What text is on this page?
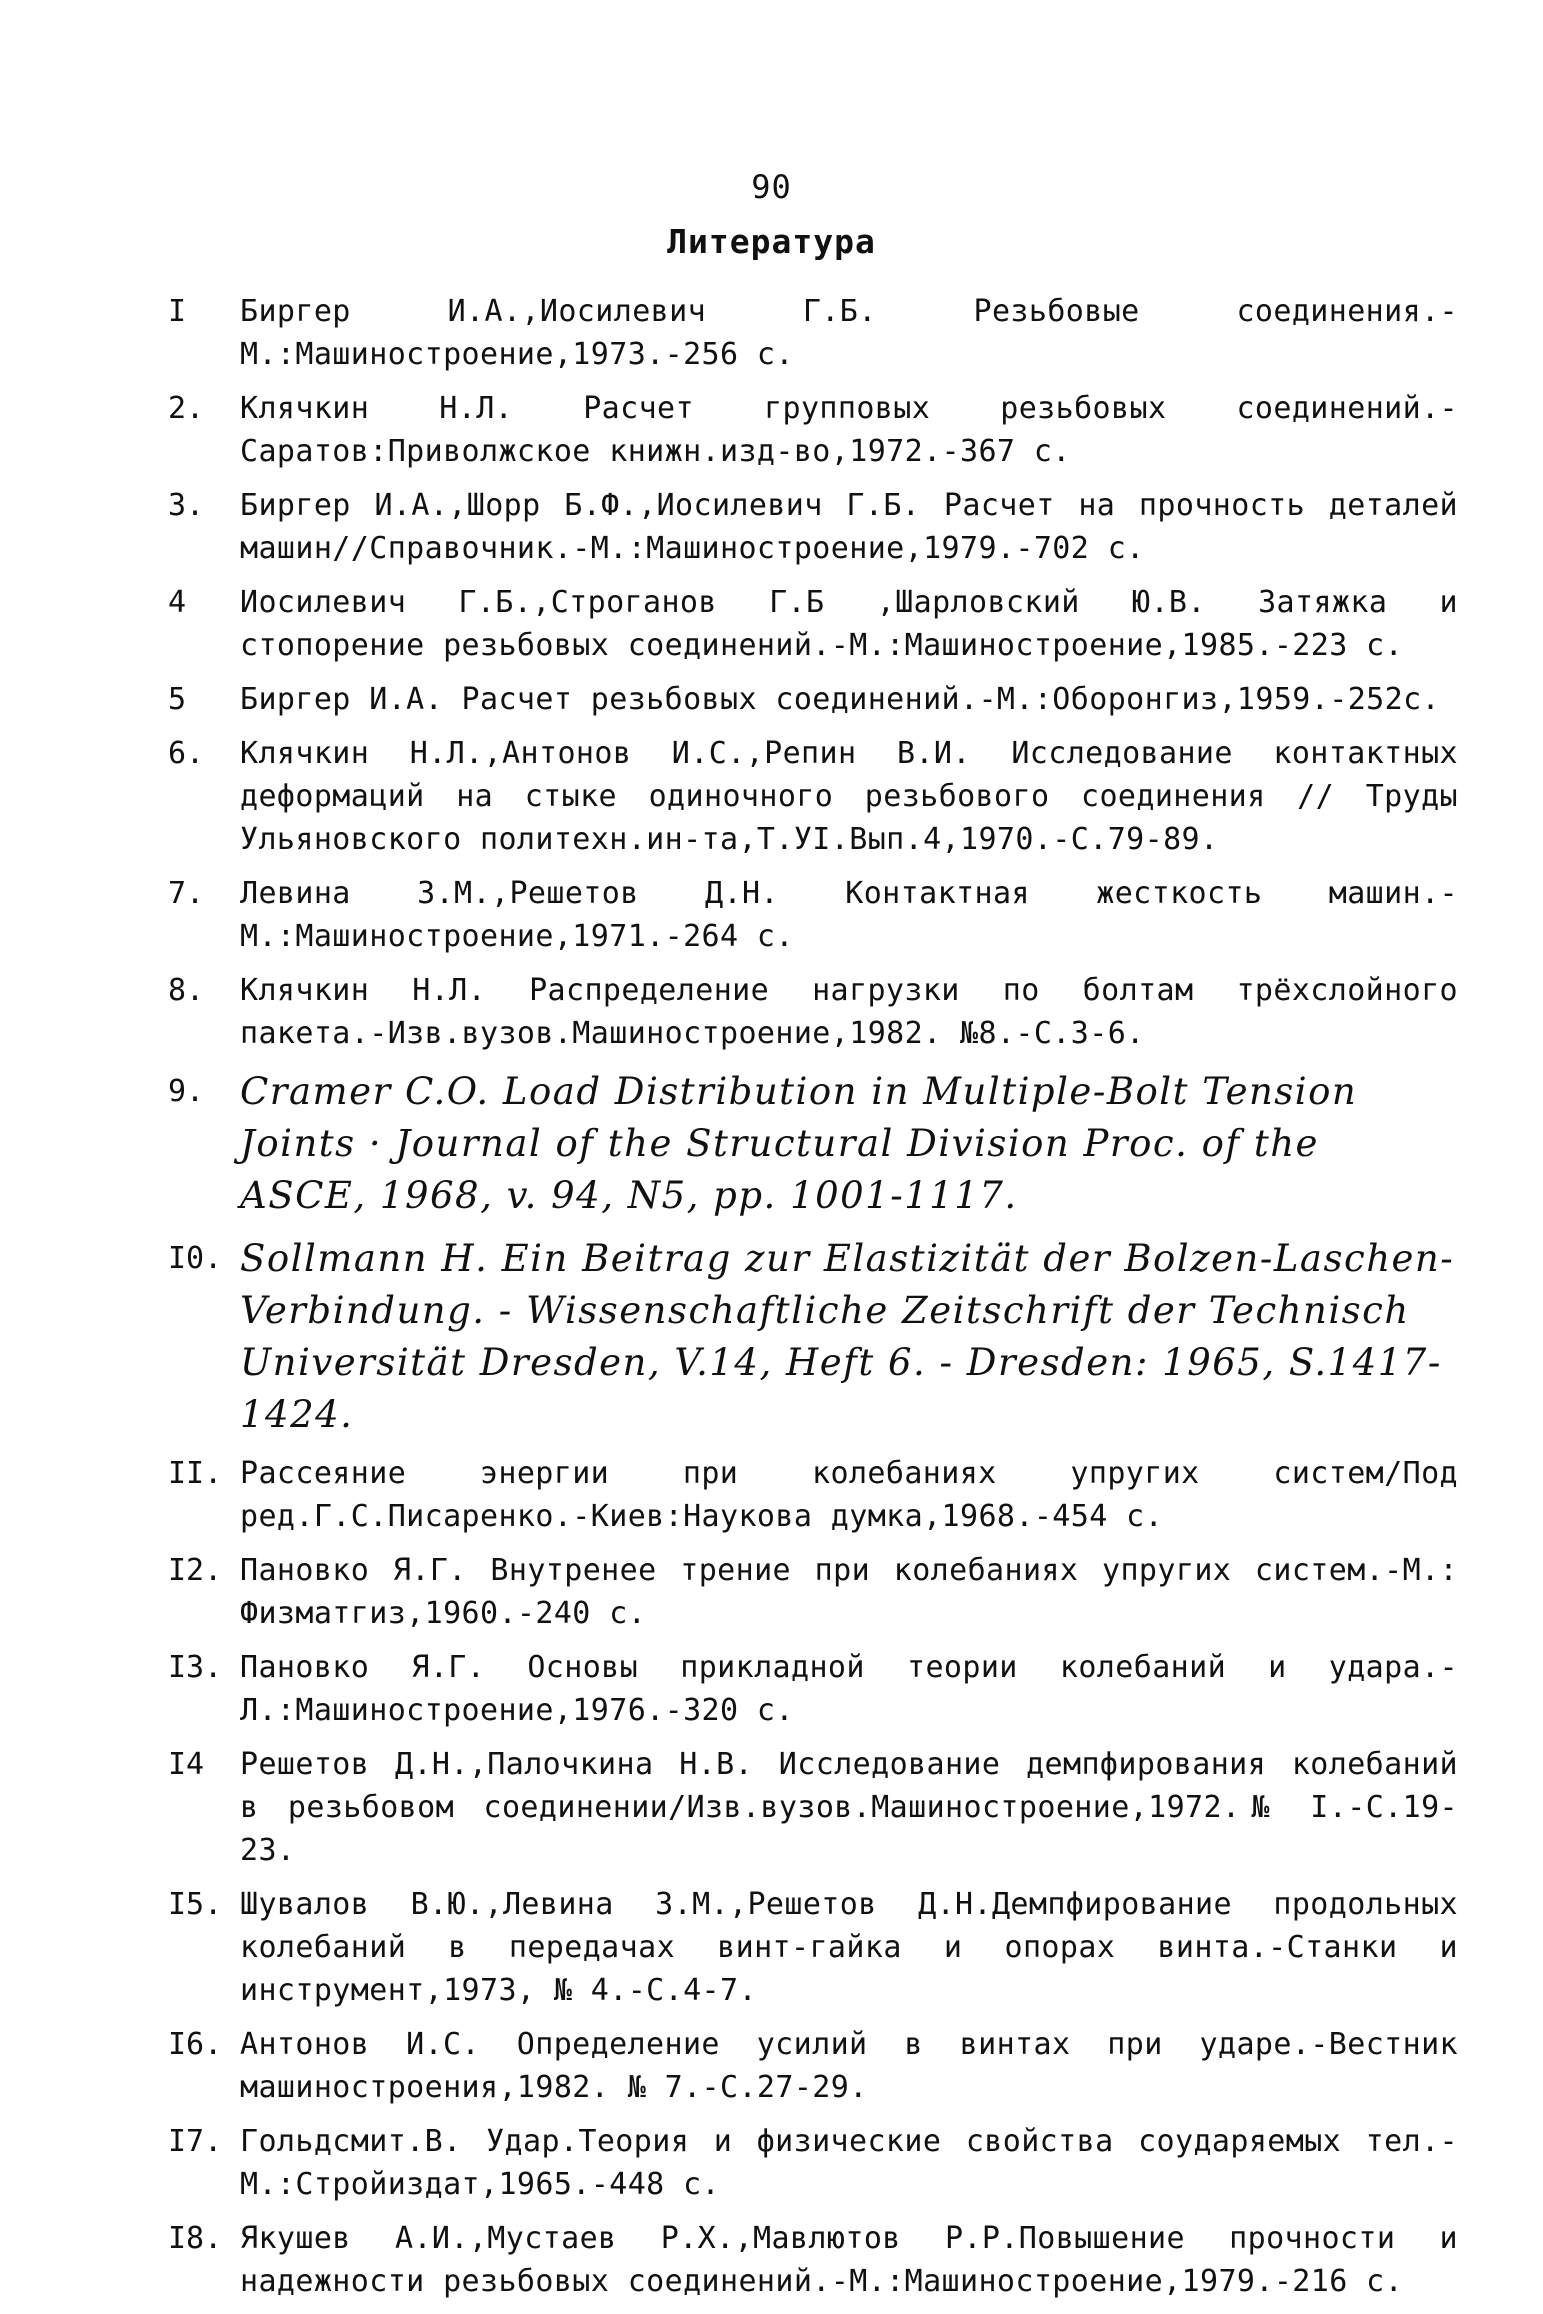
90
Литература
I	Биргер И.А.,Иосилевич Г.Б. Резьбовые соединения.-М.:Машиностроение,1973.-256 с.
2.	Клячкин Н.Л. Расчет групповых резьбовых соединений.-Саратов:Приволжское книжн.изд-во,1972.-367 с.
3.	Биргер И.А.,Шорр Б.Ф.,Иосилевич Г.Б. Расчет на прочность деталей машин//Справочник.-М.:Машиностроение,1979.-702 с.
4	Иосилевич Г.Б.,Строганов Г.Б ,Шарловский Ю.В. Затяжка и стопорение резьбовых соединений.-М.:Машиностроение,1985.-223 с.
5	Биргер И.А. Расчет резьбовых соединений.-М.:Оборонгиз,1959.-252с.
6.	Клячкин Н.Л.,Антонов И.С.,Репин В.И. Исследование контактных деформаций на стыке одиночного резьбового соединения // Труды Ульяновского политехн.ин-та,Т.УI.Вып.4,1970.-С.79-89.
7.	Левина З.М.,Решетов Д.Н. Контактная жесткость машин.-М.:Машиностроение,1971.-264 с.
8.	Клячкин Н.Л. Распределение нагрузки по болтам трёхслойного пакета.-Изв.вузов.Машиностроение,1982. №8.-С.3-6.
9. Cramer C.O. Load Distribution in Multiple-Bolt Tension Joints · Journal of the Structural Division Proc. of the ASCE, 1968, v. 94, N5, pp. 1001-1117.
I0. Sollmann H. Ein Beitrag zur Elastizität der Bolzen-Laschen-Verbindung. - Wissenschaftliche Zeitschrift der Technisch Universität Dresden, V.14, Heft 6. - Dresden: 1965, S.1417-1424.
II. Рассеяние энергии при колебаниях упругих систем/Под ред.Г.С.Писаренко.-Киев:Наукова думка,1968.-454 с.
I2. Пановко Я.Г. Внутренее трение при колебаниях упругих систем.-М.: Физматгиз,1960.-240 с.
I3. Пановко Я.Г. Основы прикладной теории колебаний и удара.-Л.:Машиностроение,1976.-320 с.
I4	Решетов Д.Н.,Палочкина Н.В. Исследование демпфирования колебаний в резьбовом соединении/Изв.вузов.Машиностроение,1972.№ I.-С.19-23.
I5. Шувалов В.Ю.,Левина З.М.,Решетов Д.Н.Демпфирование продольных колебаний в передачах винт-гайка и опорах винта.-Станки и инструмент,1973, № 4.-С.4-7.
I6. Антонов И.С. Определение усилий в винтах при ударе.-Вестник машиностроения,1982. № 7.-С.27-29.
I7. Гольдсмит.В. Удар.Теория и физические свойства соударяемых тел.-М.:Стройиздат,1965.-448 с.
I8. Якушев А.И.,Мустаев Р.Х.,Мавлютов Р.Р.Повышение прочности и надежности резьбовых соединений.-М.:Машиностроение,1979.-216 с.
